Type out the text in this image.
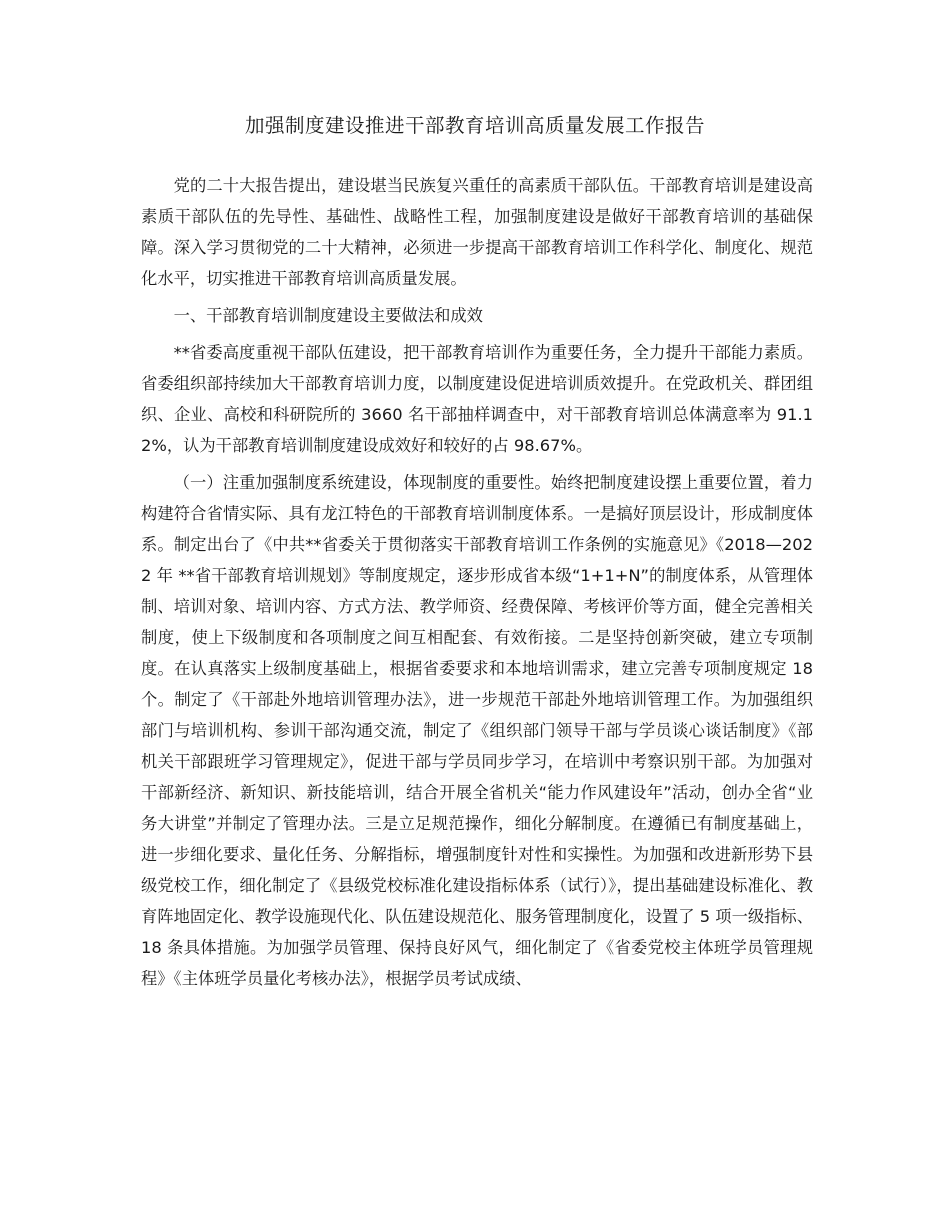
加强制度建设推进干部教育培训高质量发展工作报告

党的二十大报告提出，建设堪当民族复兴重任的高素质干部队伍。干部教育培训是建设高素质干部队伍的先导性、基础性、战略性工程，加强制度建设是做好干部教育培训的基础保障。深入学习贯彻党的二十大精神，必须进一步提高干部教育培训工作科学化、制度化、规范化水平，切实推进干部教育培训高质量发展。

一、干部教育培训制度建设主要做法和成效

**省委高度重视干部队伍建设，把干部教育培训作为重要任务，全力提升干部能力素质。省委组织部持续加大干部教育培训力度，以制度建设促进培训质效提升。在党政机关、群团组织、企业、高校和科研院所的 3660 名干部抽样调查中，对干部教育培训总体满意率为 91.12%，认为干部教育培训制度建设成效好和较好的占 98.67%。

（一）注重加强制度系统建设，体现制度的重要性。始终把制度建设摆上重要位置，着力构建符合省情实际、具有龙江特色的干部教育培训制度体系。一是搞好顶层设计，形成制度体系。制定出台了《中共**省委关于贯彻落实干部教育培训工作条例的实施意见》《2018—2022 年 **省干部教育培训规划》等制度规定，逐步形成省本级“1+1+N”的制度体系，从管理体制、培训对象、培训内容、方式方法、教学师资、经费保障、考核评价等方面，健全完善相关制度，使上下级制度和各项制度之间互相配套、有效衔接。二是坚持创新突破，建立专项制度。在认真落实上级制度基础上，根据省委要求和本地培训需求，建立完善专项制度规定 18 个。制定了《干部赴外地培训管理办法》，进一步规范干部赴外地培训管理工作。为加强组织部门与培训机构、参训干部沟通交流，制定了《组织部门领导干部与学员谈心谈话制度》《部机关干部跟班学习管理规定》，促进干部与学员同步学习，在培训中考察识别干部。为加强对干部新经济、新知识、新技能培训，结合开展全省机关“能力作风建设年”活动，创办全省“业务大讲堂”并制定了管理办法。三是立足规范操作，细化分解制度。在遵循已有制度基础上，进一步细化要求、量化任务、分解指标，增强制度针对性和实操性。为加强和改进新形势下县级党校工作，细化制定了《县级党校标准化建设指标体系（试行）》，提出基础建设标准化、教育阵地固定化、教学设施现代化、队伍建设规范化、服务管理制度化，设置了 5 项一级指标、18 条具体措施。为加强学员管理、保持良好风气，细化制定了《省委党校主体班学员管理规程》《主体班学员量化考核办法》，根据学员考试成绩、
